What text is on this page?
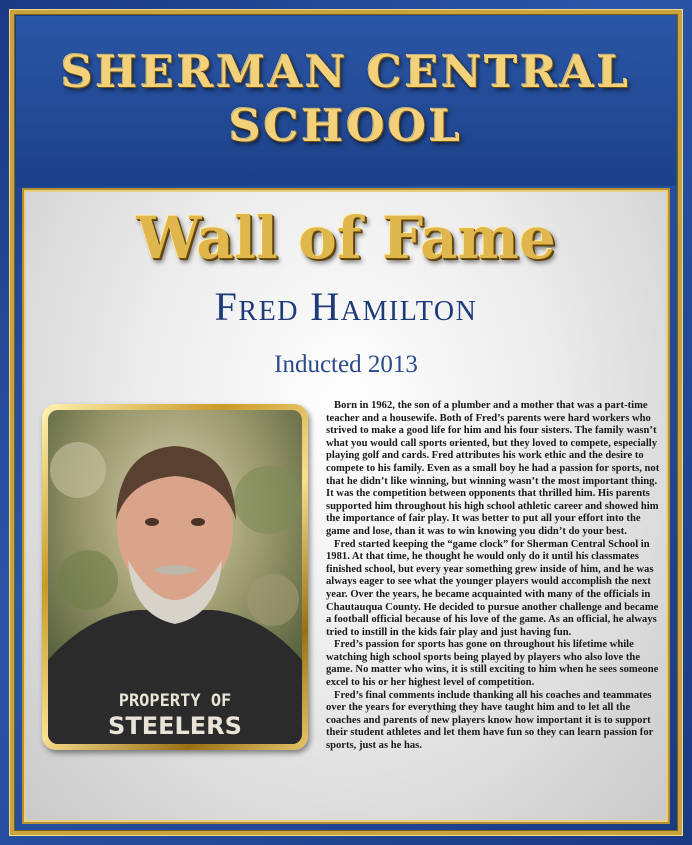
SHERMAN CENTRAL
SCHOOL
Wall of Fame
Fred Hamilton
Inducted 2013
PROPERTY OF
STEELERS

Born in 1962, the son of a plumber and a mother that was a part-time teacher and a housewife. Both of Fred’s parents were hard workers who strived to make a good life for him and his four sisters. The family wasn’t what you would call sports oriented, but they loved to compete, especially playing golf and cards. Fred attributes his work ethic and the desire to compete to his family. Even as a small boy he had a passion for sports, not that he didn’t like winning, but winning wasn’t the most important thing. It was the competition between opponents that thrilled him. His parents supported him throughout his high school athletic career and showed him the importance of fair play. It was better to put all your effort into the game and lose, than it was to win knowing you didn’t do your best.

Fred started keeping the “game clock” for Sherman Central School in 1981. At that time, he thought he would only do it until his classmates finished school, but every year something grew inside of him, and he was always eager to see what the younger players would accomplish the next year. Over the years, he became acquainted with many of the officials in Chautauqua County. He decided to pursue another challenge and became a football official because of his love of the game. As an official, he always tried to instill in the kids fair play and just having fun.

Fred’s passion for sports has gone on throughout his lifetime while watching high school sports being played by players who also love the game. No matter who wins, it is still exciting to him when he sees someone excel to his or her highest level of competition.

Fred’s final comments include thanking all his coaches and teammates over the years for everything they have taught him and to let all the coaches and parents of new players know how important it is to support their student athletes and let them have fun so they can learn passion for sports, just as he has.
